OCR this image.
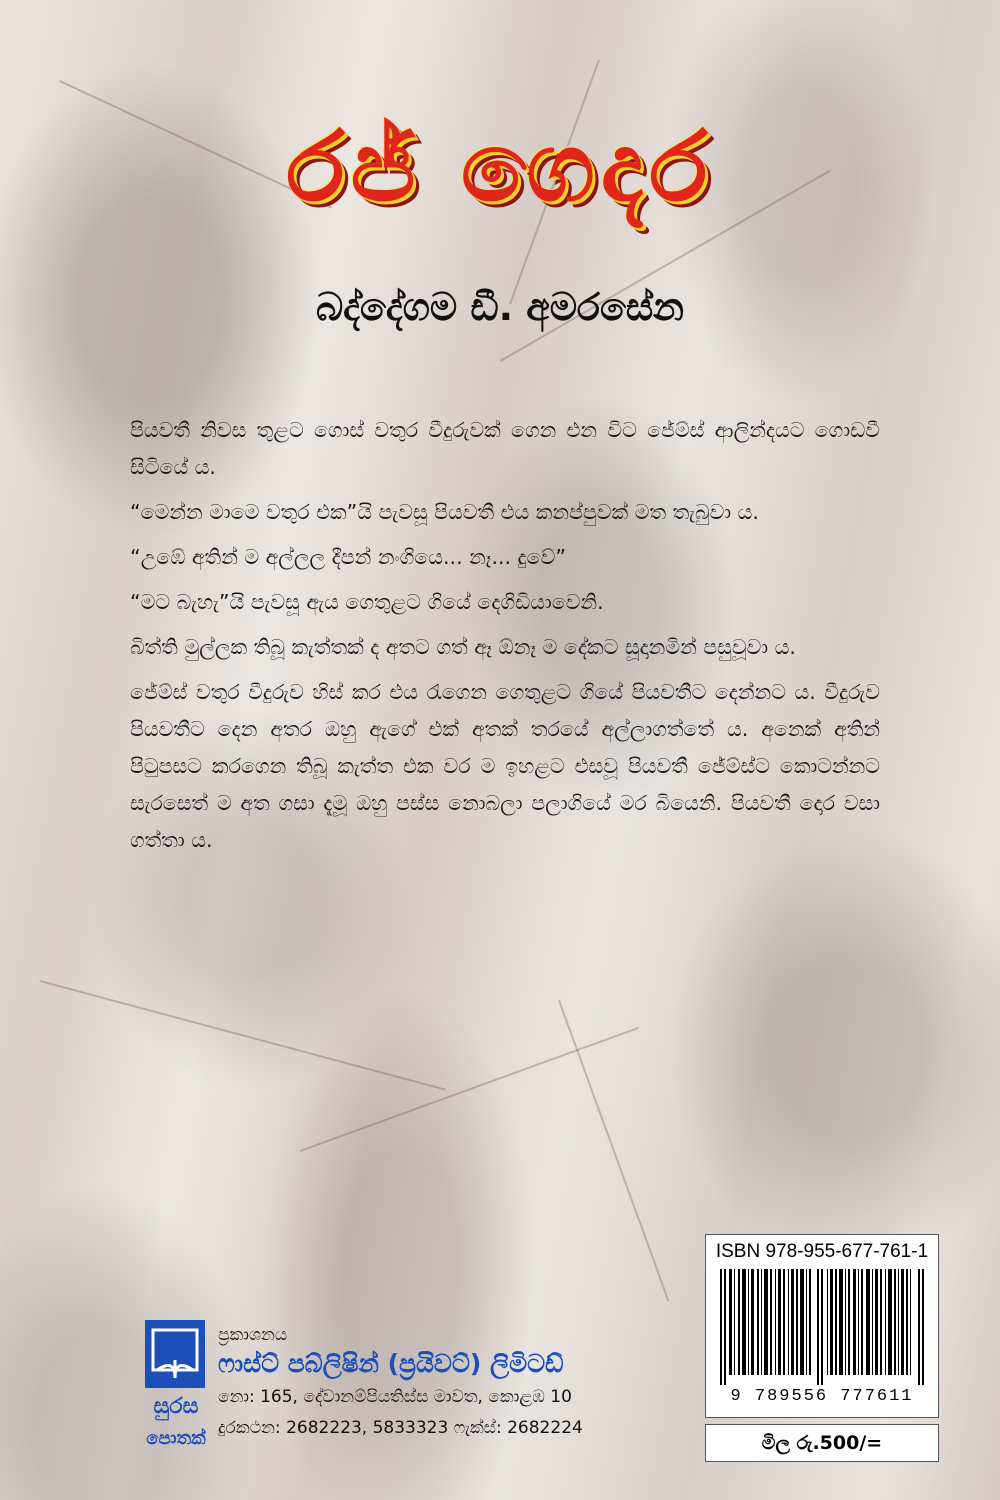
රජ් ගෙදර
බද්දේගම ඩී. අමරසේන

පියවතී නිවස තුළට ගොස් වතුර වීදුරුවක් ගෙන එන විට ජේම්ස් ආලින්දයට ගොඩවී සිටියේ ය.

“මෙන්න මාමෙ වතුර එක”යි පැවසූ පියවතී එය කනප්පුවක් මත තැබුවා ය.

“උඹේ අතින් ම අල්ලල දීපන් නංගියෙ... නෑ... දුවේ”

“මට බැහැ”යි පැවසූ ඇය ගෙතුළට ගියේ දෙගිඩියාවෙනි.

බිත්ති මුල්ලක තිබූ කැත්තක් ද අතට ගත් ඈ ඕනෑ ම දේකට සූදානමින් පසුවූවා ය.

ජේම්ස් වතුර වීදුරුව හිස් කර එය රැගෙන ගෙතුළට ගියේ පියවතීට දෙන්නට ය. වීදුරුව පියවතීට දෙන අතර ඔහු ඇගේ එක් අතක් තරයේ අල්ලාගත්තේ ය. අනෙක් අතින් පිටුපසට කරගෙන තිබූ කැත්ත එක වර ම ඉහළට එසවූ පියවතී ජේම්ස්ට කොටන්නට සැරසෙත් ම අත ගසා දැමූ ඔහු පස්ස නොබලා පලාගියේ මර බියෙනි. පියවතී දොර වසා ගත්තා ය.

ISBN 978-955-677-761-1
9 789556 777611
මිල රු.500/=
සුරස
පොතක්
ප්‍රකාශනය
ෆාස්ට් පබ්ලිෂින් (ප්‍රයිවට්) ලිමිටඩ්
නො: 165, දේවානම්පියතිස්ස මාවත, කොළඹ 10
දුරකථන: 2682223, 5833323 ෆැක්ස්: 2682224
